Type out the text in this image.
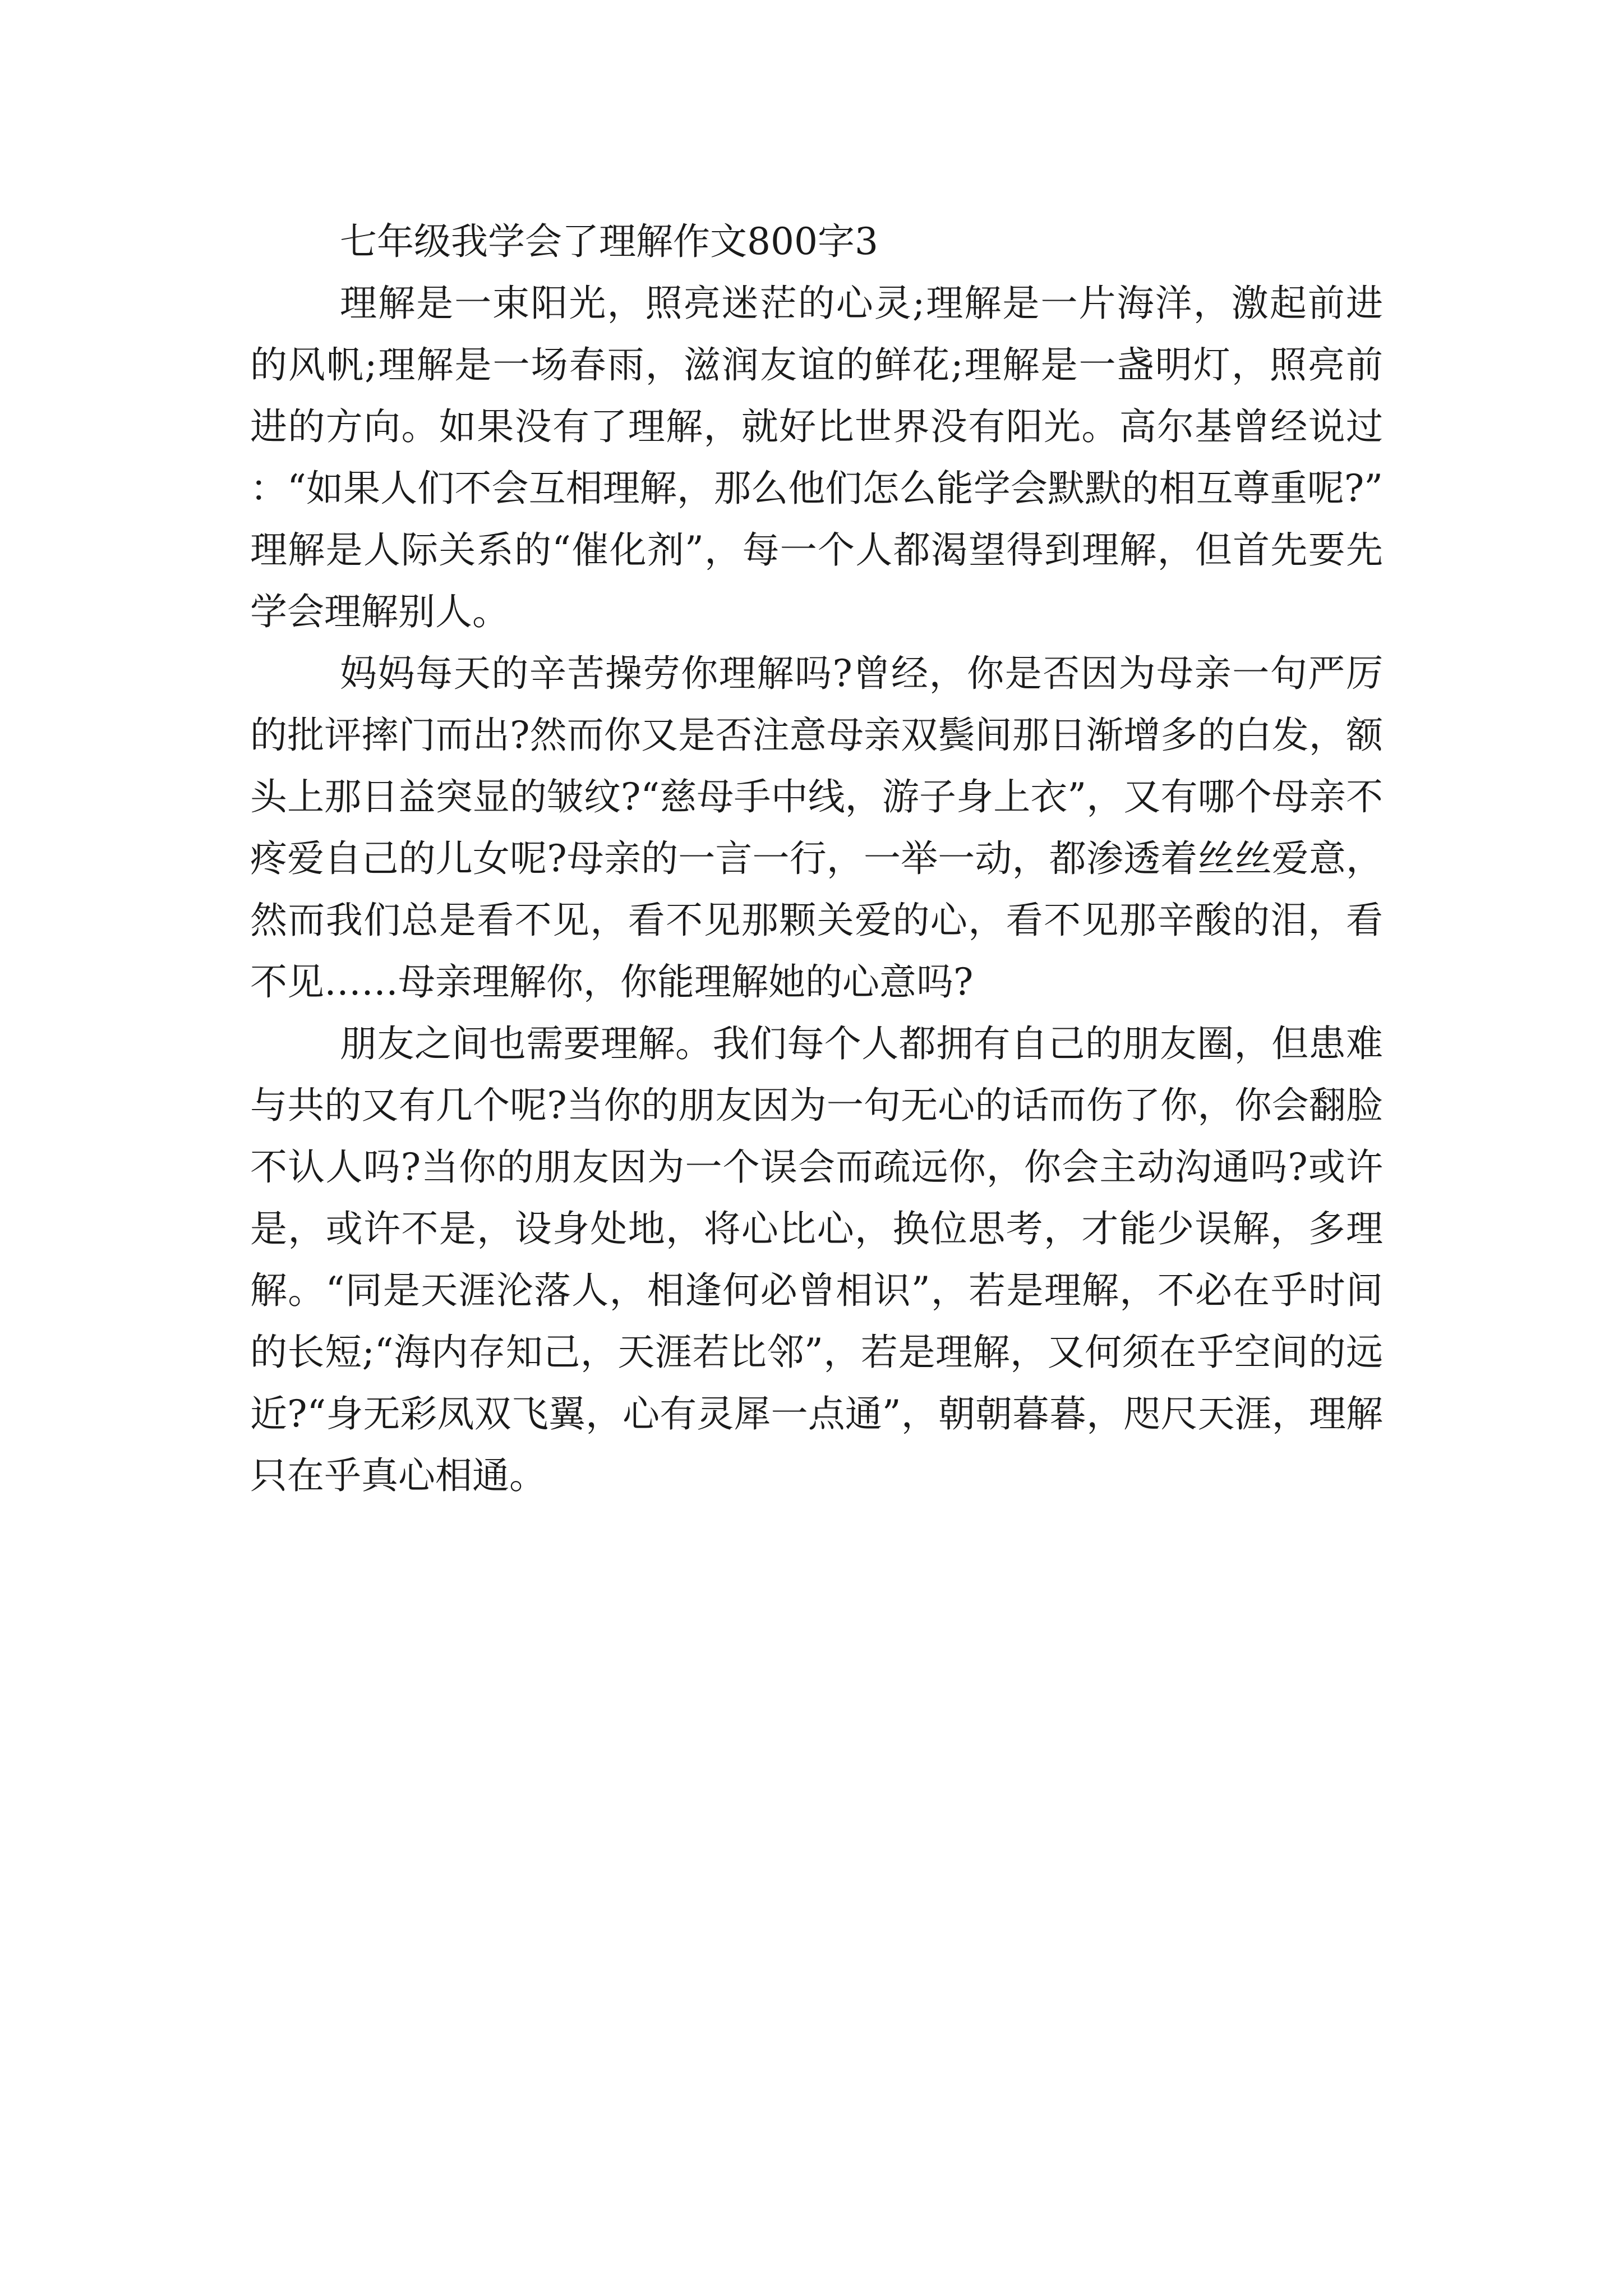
七年级我学会了理解作文800字3

理解是一束阳光，照亮迷茫的心灵;理解是一片海洋，激起前进的风帆;理解是一场春雨，滋润友谊的鲜花;理解是一盏明灯，照亮前进的方向。如果没有了理解，就好比世界没有阳光。高尔基曾经说过：“如果人们不会互相理解，那么他们怎么能学会默默的相互尊重呢?”理解是人际关系的“催化剂”，每一个人都渴望得到理解，但首先要先学会理解别人。

妈妈每天的辛苦操劳你理解吗?曾经，你是否因为母亲一句严厉的批评摔门而出?然而你又是否注意母亲双鬓间那日渐增多的白发，额头上那日益突显的皱纹?“慈母手中线，游子身上衣”，又有哪个母亲不疼爱自己的儿女呢?母亲的一言一行，一举一动，都渗透着丝丝爱意，然而我们总是看不见，看不见那颗关爱的心，看不见那辛酸的泪，看不见……母亲理解你，你能理解她的心意吗?

朋友之间也需要理解。我们每个人都拥有自己的朋友圈，但患难与共的又有几个呢?当你的朋友因为一句无心的话而伤了你，你会翻脸不认人吗?当你的朋友因为一个误会而疏远你，你会主动沟通吗?或许是，或许不是，设身处地，将心比心，换位思考，才能少误解，多理解。“同是天涯沦落人，相逢何必曾相识”，若是理解，不必在乎时间的长短;“海内存知己，天涯若比邻”，若是理解，又何须在乎空间的远近?“身无彩凤双飞翼，心有灵犀一点通”，朝朝暮暮，咫尺天涯，理解只在乎真心相通。
